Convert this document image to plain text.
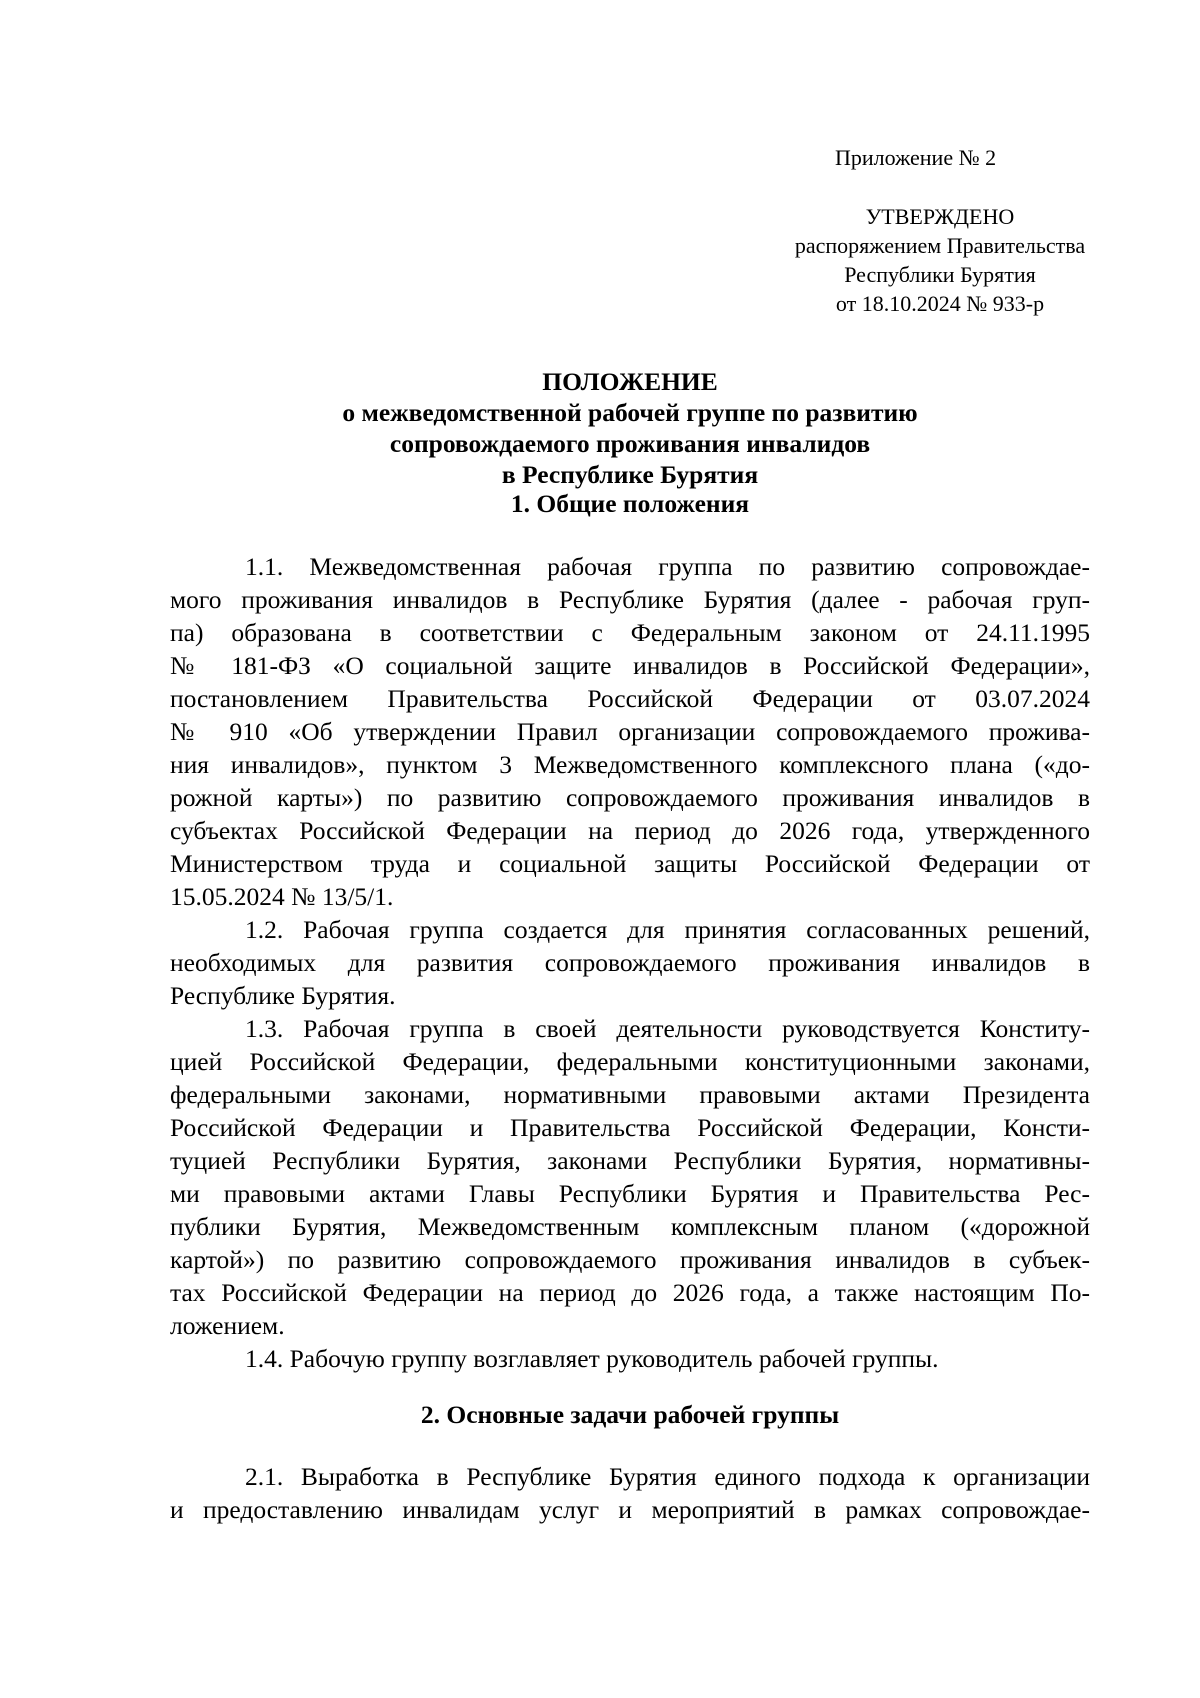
Приложение № 2
УТВЕРЖДЕНО
распоряжением Правительства
Республики Бурятия
от 18.10.2024 № 933-р
ПОЛОЖЕНИЕ
о межведомственной рабочей группе по развитию
сопровождаемого проживания инвалидов
в Республике Бурятия
1. Общие положения
1.1. Межведомственная рабочая группа по развитию сопровождае-
мого проживания инвалидов в Республике Бурятия (далее - рабочая груп-
па) образована в соответствии с Федеральным законом от 24.11.1995
№ 181-ФЗ «О социальной защите инвалидов в Российской Федерации»,
постановлением Правительства Российской Федерации от 03.07.2024
№ 910 «Об утверждении Правил организации сопровождаемого прожива-
ния инвалидов», пунктом 3 Межведомственного комплексного плана («до-
рожной карты») по развитию сопровождаемого проживания инвалидов в
субъектах Российской Федерации на период до 2026 года, утвержденного
Министерством труда и социальной защиты Российской Федерации от
15.05.2024 № 13/5/1.
1.2. Рабочая группа создается для принятия согласованных решений,
необходимых для развития сопровождаемого проживания инвалидов в
Республике Бурятия.
1.3. Рабочая группа в своей деятельности руководствуется Конститу-
цией Российской Федерации, федеральными конституционными законами,
федеральными законами, нормативными правовыми актами Президента
Российской Федерации и Правительства Российской Федерации, Консти-
туцией Республики Бурятия, законами Республики Бурятия, нормативны-
ми правовыми актами Главы Республики Бурятия и Правительства Рес-
публики Бурятия, Межведомственным комплексным планом («дорожной
картой») по развитию сопровождаемого проживания инвалидов в субъек-
тах Российской Федерации на период до 2026 года, а также настоящим По-
ложением.
1.4. Рабочую группу возглавляет руководитель рабочей группы.
2. Основные задачи рабочей группы
2.1. Выработка в Республике Бурятия единого подхода к организации
и предоставлению инвалидам услуг и мероприятий в рамках сопровождае-
